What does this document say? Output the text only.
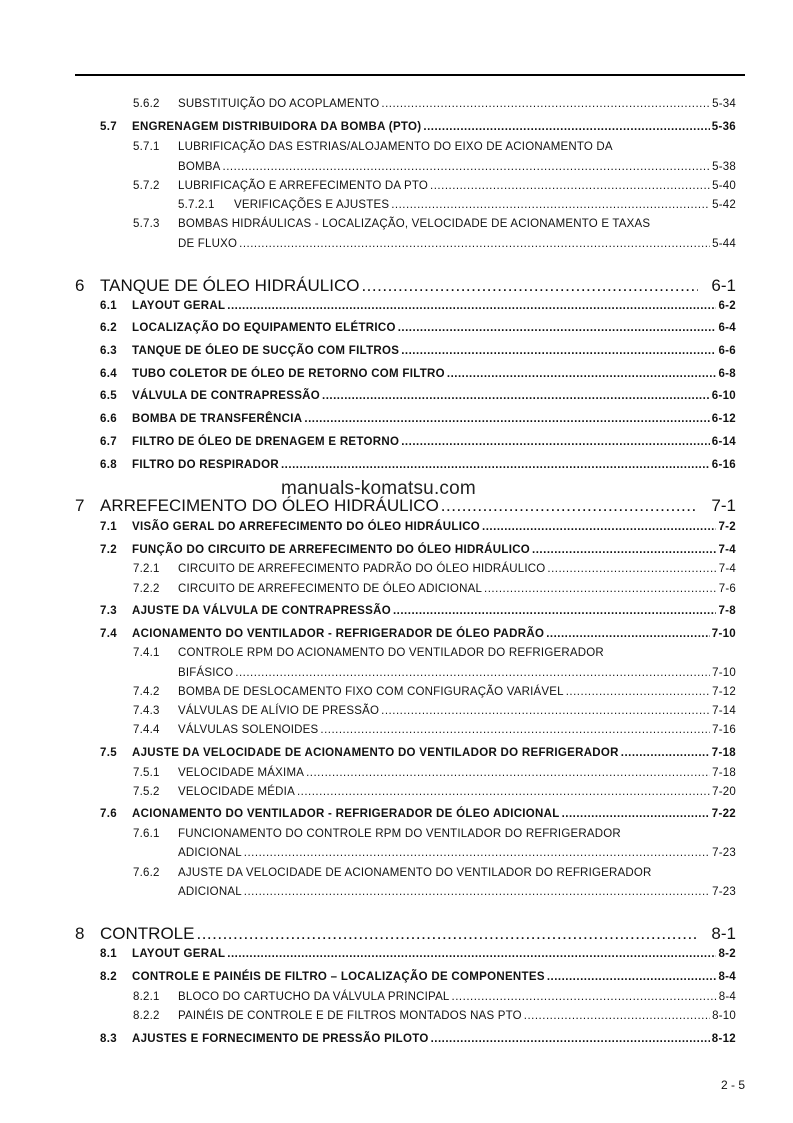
5.6.2	SUBSTITUIÇÃO DO ACOPLAMENTO .....	5-34
5.7	ENGRENAGEM DISTRIBUIDORA DA BOMBA (PTO) .....	5-36
5.7.1 LUBRIFICAÇÃO DAS ESTRIAS/ALOJAMENTO DO EIXO DE ACIONAMENTO DA
BOMBA .....	5-38
5.7.2	LUBRIFICAÇÃO E ARREFECIMENTO DA PTO .....	5-40
5.7.2.1	VERIFICAÇÕES E AJUSTES .....	5-42
5.7.3 BOMBAS HIDRÁULICAS - LOCALIZAÇÃO, VELOCIDADE DE ACIONAMENTO E TAXAS
DE FLUXO .....	5-44
6 TANQUE DE ÓLEO HIDRÁULICO .....	6-1
6.1	LAYOUT GERAL .....	6-2
6.2	LOCALIZAÇÃO DO EQUIPAMENTO ELÉTRICO .....	6-4
6.3	TANQUE DE ÓLEO DE SUCÇÃO COM FILTROS .....	6-6
6.4	TUBO COLETOR DE ÓLEO DE RETORNO COM FILTRO .....	6-8
6.5	VÁLVULA DE CONTRAPRESSÃO .....	6-10
6.6	BOMBA DE TRANSFERÊNCIA .....	6-12
6.7	FILTRO DE ÓLEO DE DRENAGEM E RETORNO .....	6-14
6.8	FILTRO DO RESPIRADOR .....	6-16
7 ARREFECIMENTO DO ÓLEO HIDRÁULICO .....	7-1
7.1	VISÃO GERAL DO ARREFECIMENTO DO ÓLEO HIDRÁULICO .....	7-2
7.2	FUNÇÃO DO CIRCUITO DE ARREFECIMENTO DO ÓLEO HIDRÁULICO .....	7-4
7.2.1	CIRCUITO DE ARREFECIMENTO PADRÃO DO ÓLEO HIDRÁULICO .....	7-4
7.2.2	CIRCUITO DE ARREFECIMENTO DE ÓLEO ADICIONAL .....	7-6
7.3	AJUSTE DA VÁLVULA DE CONTRAPRESSÃO .....	7-8
7.4	ACIONAMENTO DO VENTILADOR - REFRIGERADOR DE ÓLEO PADRÃO .....	7-10
7.4.1 CONTROLE RPM DO ACIONAMENTO DO VENTILADOR DO REFRIGERADOR
BIFÁSICO .....	7-10
7.4.2	BOMBA DE DESLOCAMENTO FIXO COM CONFIGURAÇÃO VARIÁVEL .....	7-12
7.4.3	VÁLVULAS DE ALÍVIO DE PRESSÃO .....	7-14
7.4.4	VÁLVULAS SOLENOIDES .....	7-16
7.5	AJUSTE DA VELOCIDADE DE ACIONAMENTO DO VENTILADOR DO REFRIGERADOR .....	7-18
7.5.1	VELOCIDADE MÁXIMA .....	7-18
7.5.2	VELOCIDADE MÉDIA .....	7-20
7.6	ACIONAMENTO DO VENTILADOR - REFRIGERADOR DE ÓLEO ADICIONAL .....	7-22
7.6.1 FUNCIONAMENTO DO CONTROLE RPM DO VENTILADOR DO REFRIGERADOR
ADICIONAL .....	7-23
7.6.2 AJUSTE DA VELOCIDADE DE ACIONAMENTO DO VENTILADOR DO REFRIGERADOR
ADICIONAL .....	7-23
8 CONTROLE .....	8-1
8.1	LAYOUT GERAL .....	8-2
8.2	CONTROLE E PAINÉIS DE FILTRO – LOCALIZAÇÃO DE COMPONENTES .....	8-4
8.2.1	BLOCO DO CARTUCHO DA VÁLVULA PRINCIPAL .....	8-4
8.2.2	PAINÉIS DE CONTROLE E DE FILTROS MONTADOS NAS PTO .....	8-10
8.3	AJUSTES E FORNECIMENTO DE PRESSÃO PILOTO .....	8-12
manuals-komatsu.com
2 - 5
